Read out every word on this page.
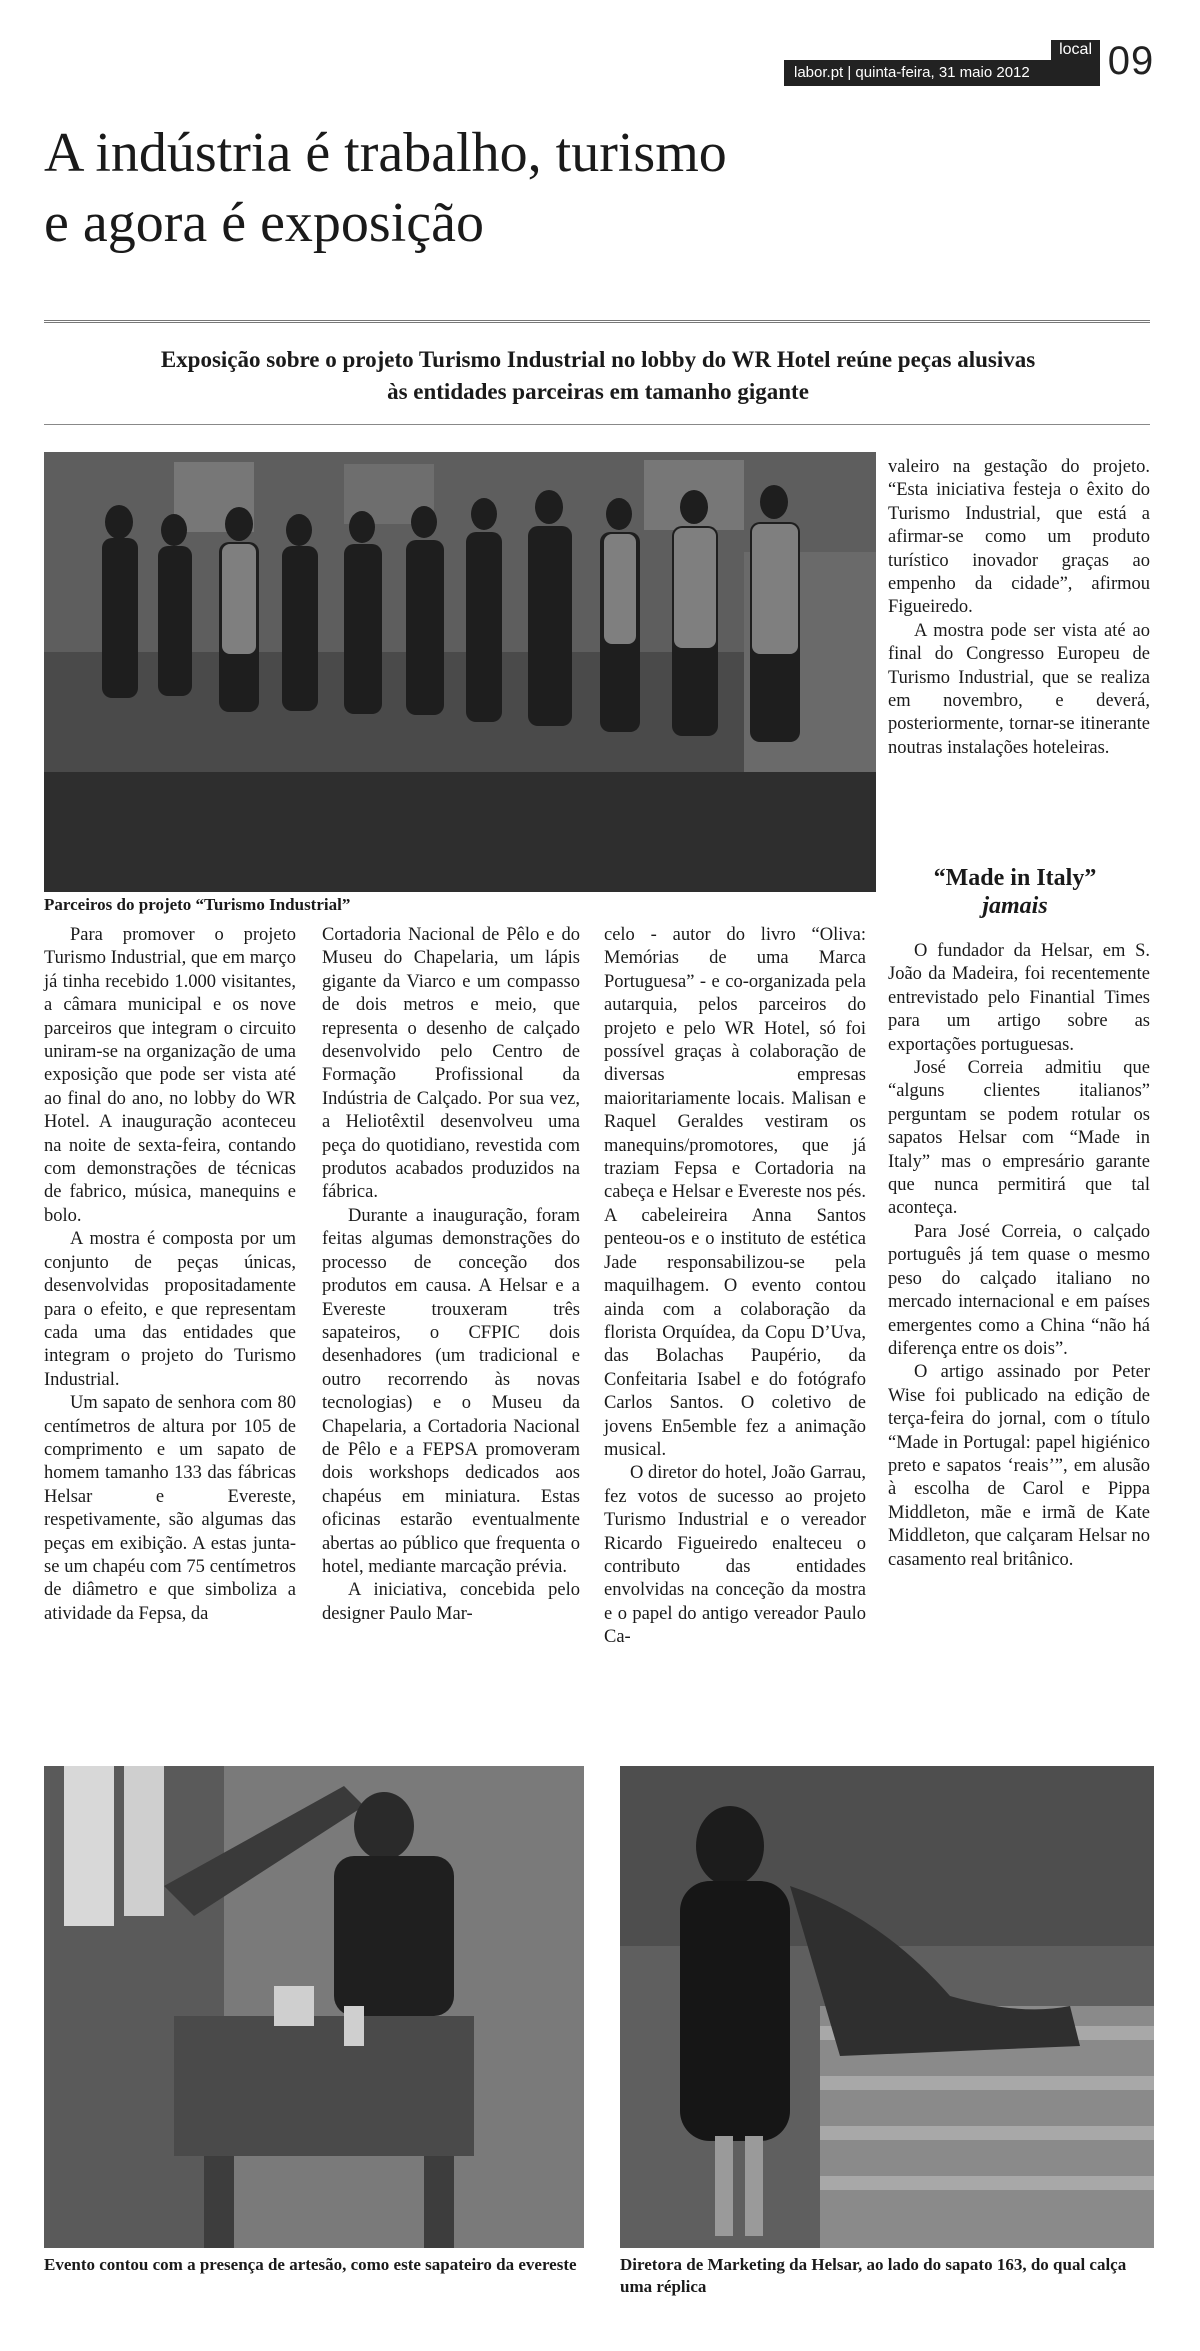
local
labor.pt | quinta-feira, 31 maio 2012	09
A indústria é trabalho, turismo
e agora é exposição
Exposição sobre o projeto Turismo Industrial no lobby do WR Hotel reúne peças alusivas
às entidades parceiras em tamanho gigante
Parceiros do projeto “Turismo Industrial”

Para promover o projeto Turismo Industrial, que em março já tinha recebido 1.000 visitantes, a câmara municipal e os nove parceiros que integram o circuito uniram-se na organização de uma exposição que pode ser vista até ao final do ano, no lobby do WR Hotel. A inauguração aconteceu na noite de sexta-feira, contando com demonstrações de técnicas de fabrico, música, manequins e bolo.

A mostra é composta por um conjunto de peças únicas, desenvolvidas propositadamente para o efeito, e que representam cada uma das entidades que integram o projeto do Turismo Industrial.

Um sapato de senhora com 80 centímetros de altura por 105 de comprimento e um sapato de homem tamanho 133 das fábricas Helsar e Evereste, respetivamente, são algumas das peças em exibição. A estas junta-se um chapéu com 75 centímetros de diâmetro e que simboliza a atividade da Fepsa, da

Cortadoria Nacional de Pêlo e do Museu do Chapelaria, um lápis gigante da Viarco e um compasso de dois metros e meio, que representa o desenho de calçado desenvolvido pelo Centro de Formação Profissional da Indústria de Calçado. Por sua vez, a Heliotêxtil desenvolveu uma peça do quotidiano, revestida com produtos acabados produzidos na fábrica.

Durante a inauguração, foram feitas algumas demonstrações do processo de conceção dos produtos em causa. A Helsar e a Evereste trouxeram três sapateiros, o CFPIC dois desenhadores (um tradicional e outro recorrendo às novas tecnologias) e o Museu da Chapelaria, a Cortadoria Nacional de Pêlo e a FEPSA promoveram dois workshops dedicados aos chapéus em miniatura. Estas oficinas estarão eventualmente abertas ao público que frequenta o hotel, mediante marcação prévia.

A iniciativa, concebida pelo designer Paulo Mar-

celo - autor do livro “Oliva: Memórias de uma Marca Portuguesa” - e co-organizada pela autarquia, pelos parceiros do projeto e pelo WR Hotel, só foi possível graças à colaboração de diversas empresas maioritariamente locais. Malisan e Raquel Geraldes vestiram os manequins/promotores, que já traziam Fepsa e Cortadoria na cabeça e Helsar e Evereste nos pés. A cabeleireira Anna Santos penteou-os e o instituto de estética Jade responsabilizou-se pela maquilhagem. O evento contou ainda com a colaboração da florista Orquídea, da Copu D’Uva, das Bolachas Paupério, da Confeitaria Isabel e do fotógrafo Carlos Santos. O coletivo de jovens En5emble fez a animação musical.

O diretor do hotel, João Garrau, fez votos de sucesso ao projeto Turismo Industrial e o vereador Ricardo Figueiredo enalteceu o contributo das entidades envolvidas na conceção da mostra e o papel do antigo vereador Paulo Ca-

valeiro na gestação do projeto. “Esta iniciativa festeja o êxito do Turismo Industrial, que está a afirmar-se como um produto turístico inovador graças ao empenho da cidade”, afirmou Figueiredo.

A mostra pode ser vista até ao final do Congresso Europeu de Turismo Industrial, que se realiza em novembro, e deverá, posteriormente, tornar-se itinerante noutras instalações hoteleiras.

“Made in Italy”
jamais

O fundador da Helsar, em S. João da Madeira, foi recentemente entrevistado pelo Finantial Times para um artigo sobre as exportações portuguesas.

José Correia admitiu que “alguns clientes italianos” perguntam se podem rotular os sapatos Helsar com “Made in Italy” mas o empresário garante que nunca permitirá que tal aconteça.

Para José Correia, o calçado português já tem quase o mesmo peso do calçado italiano no mercado internacional e em países emergentes como a China “não há diferença entre os dois”.

O artigo assinado por Peter Wise foi publicado na edição de terça-feira do jornal, com o título “Made in Portugal: papel higiénico preto e sapatos ‘reais’”, em alusão à escolha de Carol e Pippa Middleton, mãe e irmã de Kate Middleton, que calçaram Helsar no casamento real britânico.

Evento contou com a presença de artesão, como este sapateiro da evereste	Diretora de Marketing da Helsar, ao lado do sapato 163, do qual calça uma réplica
